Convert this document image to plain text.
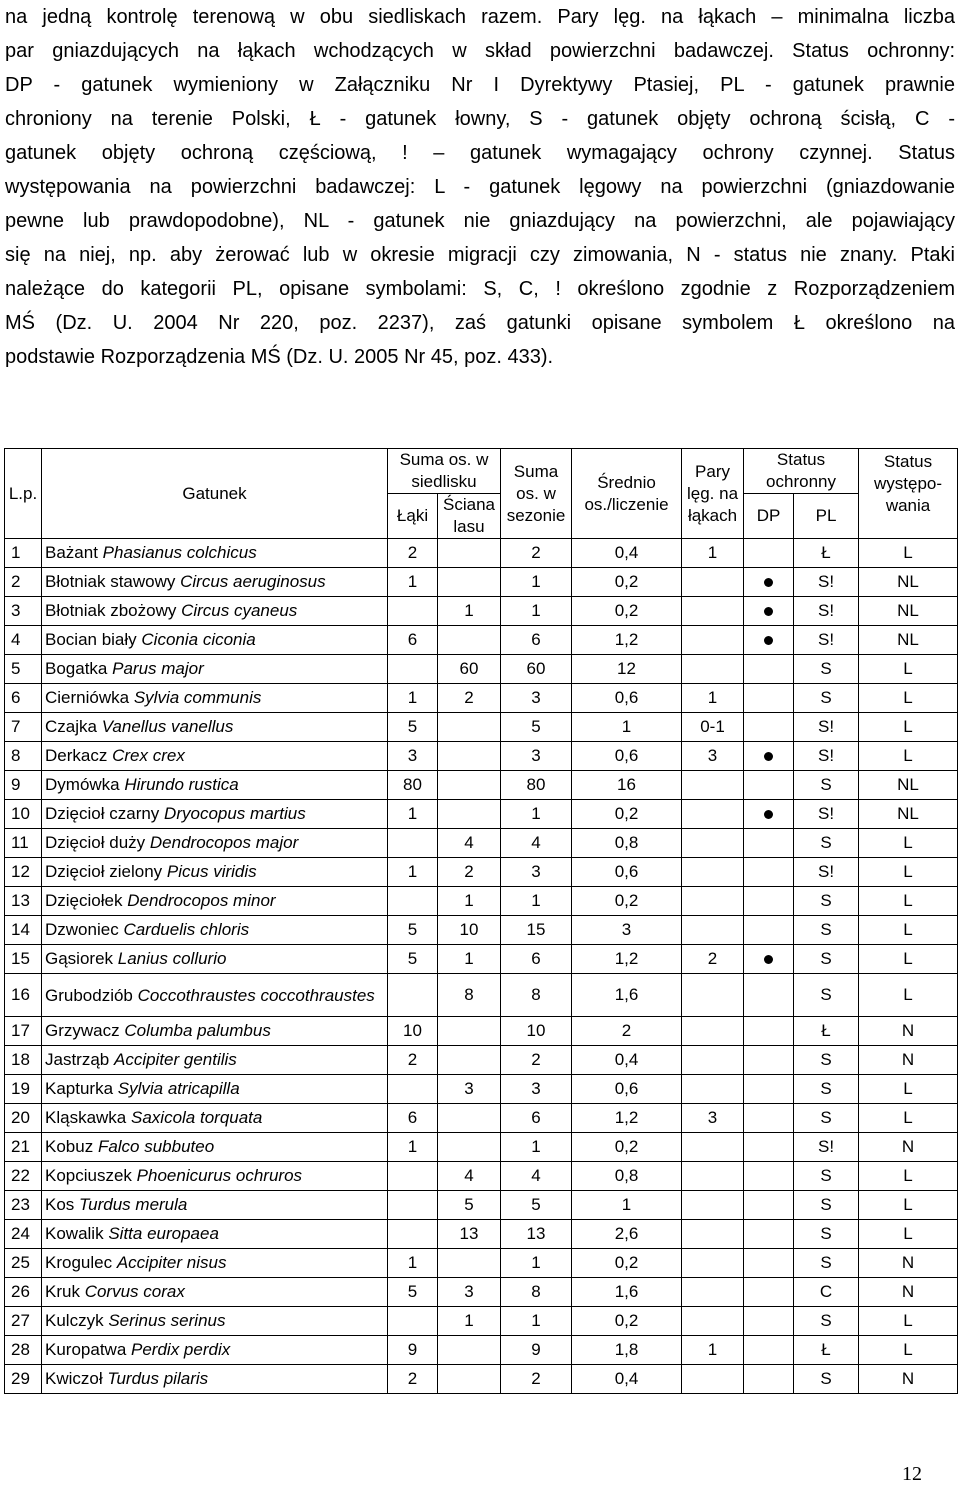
na jedną kontrolę terenową w obu siedliskach razem. Pary lęg. na łąkach – minimalna liczba
par gniazdujących na łąkach wchodzących w skład powierzchni badawczej. Status ochronny:
DP - gatunek wymieniony w Załączniku Nr I Dyrektywy Ptasiej, PL - gatunek prawnie
chroniony na terenie Polski, Ł - gatunek łowny, S - gatunek objęty ochroną ścisłą, C -
gatunek objęty ochroną częściową, ! – gatunek wymagający ochrony czynnej. Status
występowania na powierzchni badawczej: L - gatunek lęgowy na powierzchni (gniazdowanie
pewne lub prawdopodobne), NL - gatunek nie gniazdujący na powierzchni, ale pojawiający
się na niej, np. aby żerować lub w okresie migracji czy zimowania, N - status nie znany. Ptaki
należące do kategorii PL, opisane symbolami: S, C, ! określono zgodnie z Rozporządzeniem
MŚ (Dz. U. 2004 Nr 220, poz. 2237), zaś gatunki opisane symbolem Ł określono na
podstawie Rozporządzenia MŚ (Dz. U. 2005 Nr 45, poz. 433).
L.p.	Gatunek	Suma os. w siedlisku		Suma os. w sezonie	Średnio os./liczenie	Pary lęg. na łąkach	Status ochronny		Status występo-wania
		Łąki	Ściana lasu				DP	PL	
1	Bażant Phasianus colchicus	2		2	0,4	1		Ł	L
2	Błotniak stawowy Circus aeruginosus	1		1	0,2			S!	NL
3	Błotniak zbożowy Circus cyaneus		1	1	0,2			S!	NL
4	Bocian biały Ciconia ciconia	6		6	1,2			S!	NL
5	Bogatka Parus major		60	60	12			S	L
6	Cierniówka Sylvia communis	1	2	3	0,6	1		S	L
7	Czajka Vanellus vanellus	5		5	1	0-1		S!	L
8	Derkacz Crex crex	3		3	0,6	3		S!	L
9	Dymówka Hirundo rustica	80		80	16			S	NL
10	Dzięcioł czarny Dryocopus martius	1		1	0,2			S!	NL
11	Dzięcioł duży Dendrocopos major		4	4	0,8			S	L
12	Dzięcioł zielony Picus viridis	1	2	3	0,6			S!	L
13	Dzięciołek Dendrocopos minor		1	1	0,2			S	L
14	Dzwoniec Carduelis chloris	5	10	15	3			S	L
15	Gąsiorek Lanius collurio	5	1	6	1,2	2		S	L
16	Grubodziób Coccothraustes coccothraustes		8	8	1,6			S	L
17	Grzywacz Columba palumbus	10		10	2			Ł	N
18	Jastrząb Accipiter gentilis	2		2	0,4			S	N
19	Kapturka Sylvia atricapilla		3	3	0,6			S	L
20	Kląskawka Saxicola torquata	6		6	1,2	3		S	L
21	Kobuz Falco subbuteo	1		1	0,2			S!	N
22	Kopciuszek Phoenicurus ochruros		4	4	0,8			S	L
23	Kos Turdus merula		5	5	1			S	L
24	Kowalik Sitta europaea		13	13	2,6			S	L
25	Krogulec Accipiter nisus	1		1	0,2			S	N
26	Kruk Corvus corax	5	3	8	1,6			C	N
27	Kulczyk Serinus serinus		1	1	0,2			S	L
28	Kuropatwa Perdix perdix	9		9	1,8	1		Ł	L
29	Kwiczoł Turdus pilaris	2		2	0,4			S	N
12
